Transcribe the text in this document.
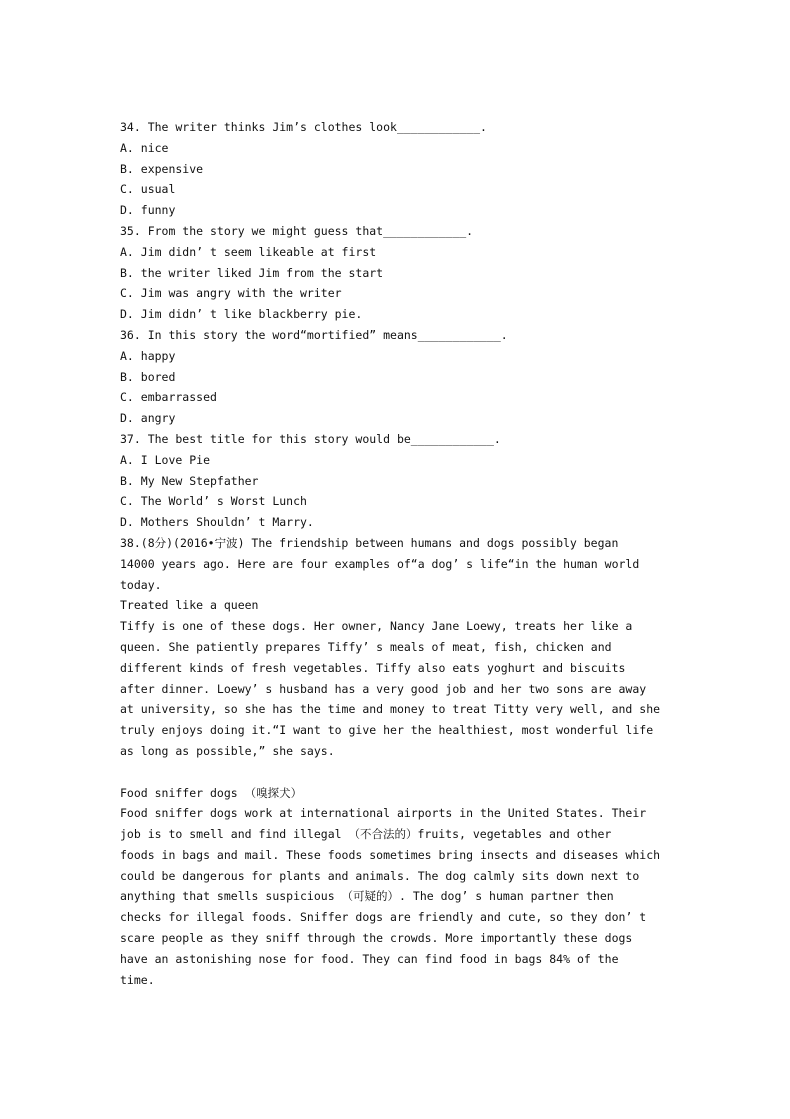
34. The writer thinks Jim’s clothes look____________.
A. nice
B. expensive
C. usual
D. funny
35. From the story we might guess that____________.
A. Jim didn’ t seem likeable at first
B. the writer liked Jim from the start
C. Jim was angry with the writer
D. Jim didn’ t like blackberry pie.
36. In this story the word“mortified” means____________.
A. happy
B. bored
C. embarrassed
D. angry
37. The best title for this story would be____________.
A. I Love Pie
B. My New Stepfather
C. The World’ s Worst Lunch
D. Mothers Shouldn’ t Marry.
38.(8分)(2016•宁波) The friendship between humans and dogs possibly began
14000 years ago. Here are four examples of“a dog’ s life“in the human world
today.
Treated like a queen
Tiffy is one of these dogs. Her owner, Nancy Jane Loewy, treats her like a
queen. She patiently prepares Tiffy’ s meals of meat, fish, chicken and
different kinds of fresh vegetables. Tiffy also eats yoghurt and biscuits
after dinner. Loewy’ s husband has a very good job and her two sons are away
at university, so she has the time and money to treat Titty very well, and she
truly enjoys doing it.“I want to give her the healthiest, most wonderful life
as long as possible,” she says.
Food sniffer dogs （嗅探犬）
Food sniffer dogs work at international airports in the United States. Their
job is to smell and find illegal （不合法的）fruits, vegetables and other
foods in bags and mail. These foods sometimes bring insects and diseases which
could be dangerous for plants and animals. The dog calmly sits down next to
anything that smells suspicious （可疑的）. The dog’ s human partner then
checks for illegal foods. Sniffer dogs are friendly and cute, so they don’ t
scare people as they sniff through the crowds. More importantly these dogs
have an astonishing nose for food. They can find food in bags 84% of the
time.
